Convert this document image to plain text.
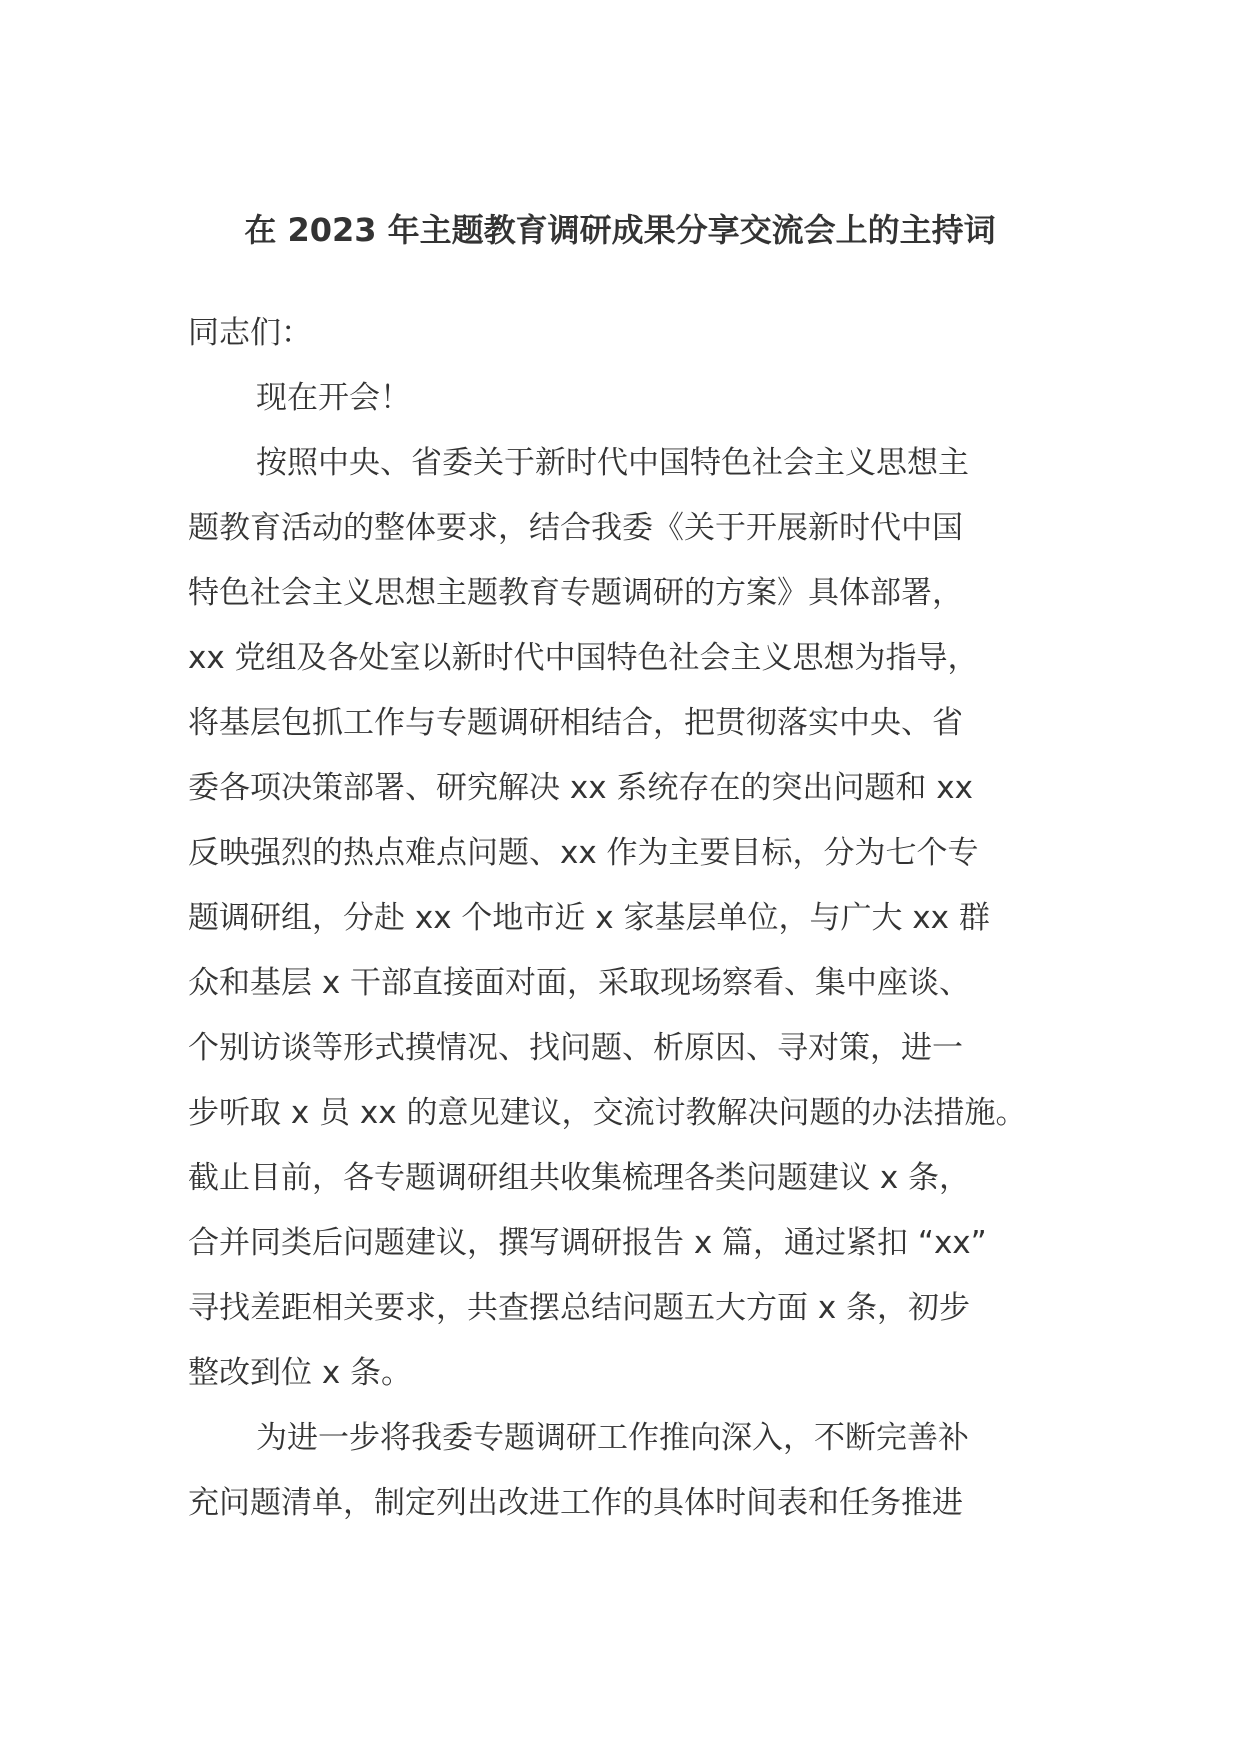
在 2023 年主题教育调研成果分享交流会上的主持词
同志们：
现在开会！
按照中央、省委关于新时代中国特色社会主义思想主
题教育活动的整体要求，结合我委《关于开展新时代中国
特色社会主义思想主题教育专题调研的方案》具体部署，
xx 党组及各处室以新时代中国特色社会主义思想为指导，
将基层包抓工作与专题调研相结合，把贯彻落实中央、省
委各项决策部署、研究解决 xx 系统存在的突出问题和 xx
反映强烈的热点难点问题、xx 作为主要目标，分为七个专
题调研组，分赴 xx 个地市近 x 家基层单位，与广大 xx 群
众和基层 x 干部直接面对面，采取现场察看、集中座谈、
个别访谈等形式摸情况、找问题、析原因、寻对策，进一
步听取 x 员 xx 的意见建议，交流讨教解决问题的办法措施。
截止目前，各专题调研组共收集梳理各类问题建议 x 条，
合并同类后问题建议，撰写调研报告 x 篇，通过紧扣 “xx”
寻找差距相关要求，共查摆总结问题五大方面 x 条，初步
整改到位 x 条。
为进一步将我委专题调研工作推向深入，不断完善补
充问题清单，制定列出改进工作的具体时间表和任务推进
